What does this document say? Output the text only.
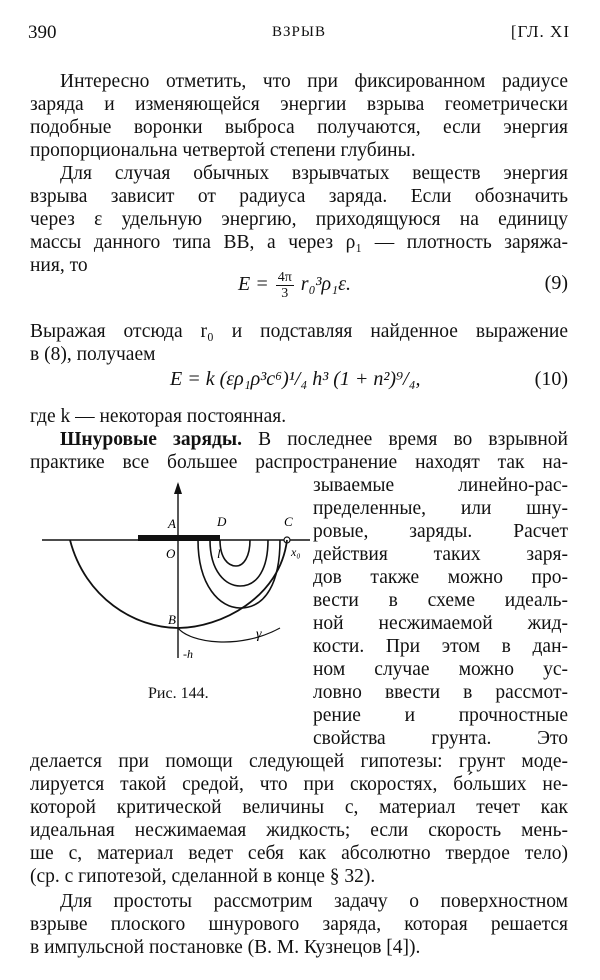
390	ВЗРЫВ	[ГЛ. XI
Интересно отметить, что при фиксированном радиусе
заряда и изменяющейся энергии взрыва геометрически
подобные воронки выброса получаются, если энергия
пропорциональна четвертой степени глубины.
Для случая обычных взрывчатых веществ энергия
взрыва зависит от радиуса заряда. Если обозначить
через ε удельную энергию, приходящуюся на единицу
массы данного типа ВВ, а через ρ₁ — плотность заряжа-
ния, то
$E = \frac{4\pi}{3} r_0^3\rho_1\varepsilon$.	(9)
Выражая отсюда r₀ и подставляя найденное выражение
в (8), получаем
E = k (ερ₁ρ³c⁶)¹/₄ h³ (1 + n²)⁹/₄,	(10)
где k — некоторая постоянная.
Шнуровые заряды. В последнее время во взрывной
практике все большее распространение находят так на-
зываемые линейно-рас-
пределенные, или шну-
ровые, заряды. Расчет
действия таких заря-
дов также можно про-
вести в схеме идеаль-
ной несжимаемой жид-
кости. При этом в дан-
ном случае можно ус-
ловно ввести в рассмот-
рение и прочностные
свойства грунта. Это
делается при помощи следующей гипотезы: грунт моде-
лируется такой средой, что при скоростях, бо́льших не-
которой критической величины c, материал течет как
идеальная несжимаемая жидкость; если скорость мень-
ше c, материал ведет себя как абсолютно твердое тело)
(ср. с гипотезой, сделанной в конце § 32).
Для простоты рассмотрим задачу о поверхностном
взрыве плоского шнурового заряда, которая решается
в импульсной постановке (В. М. Кузнецов [4]).
A	D	C
O	l	x₀
B
-h
γ
Рис. 144.
